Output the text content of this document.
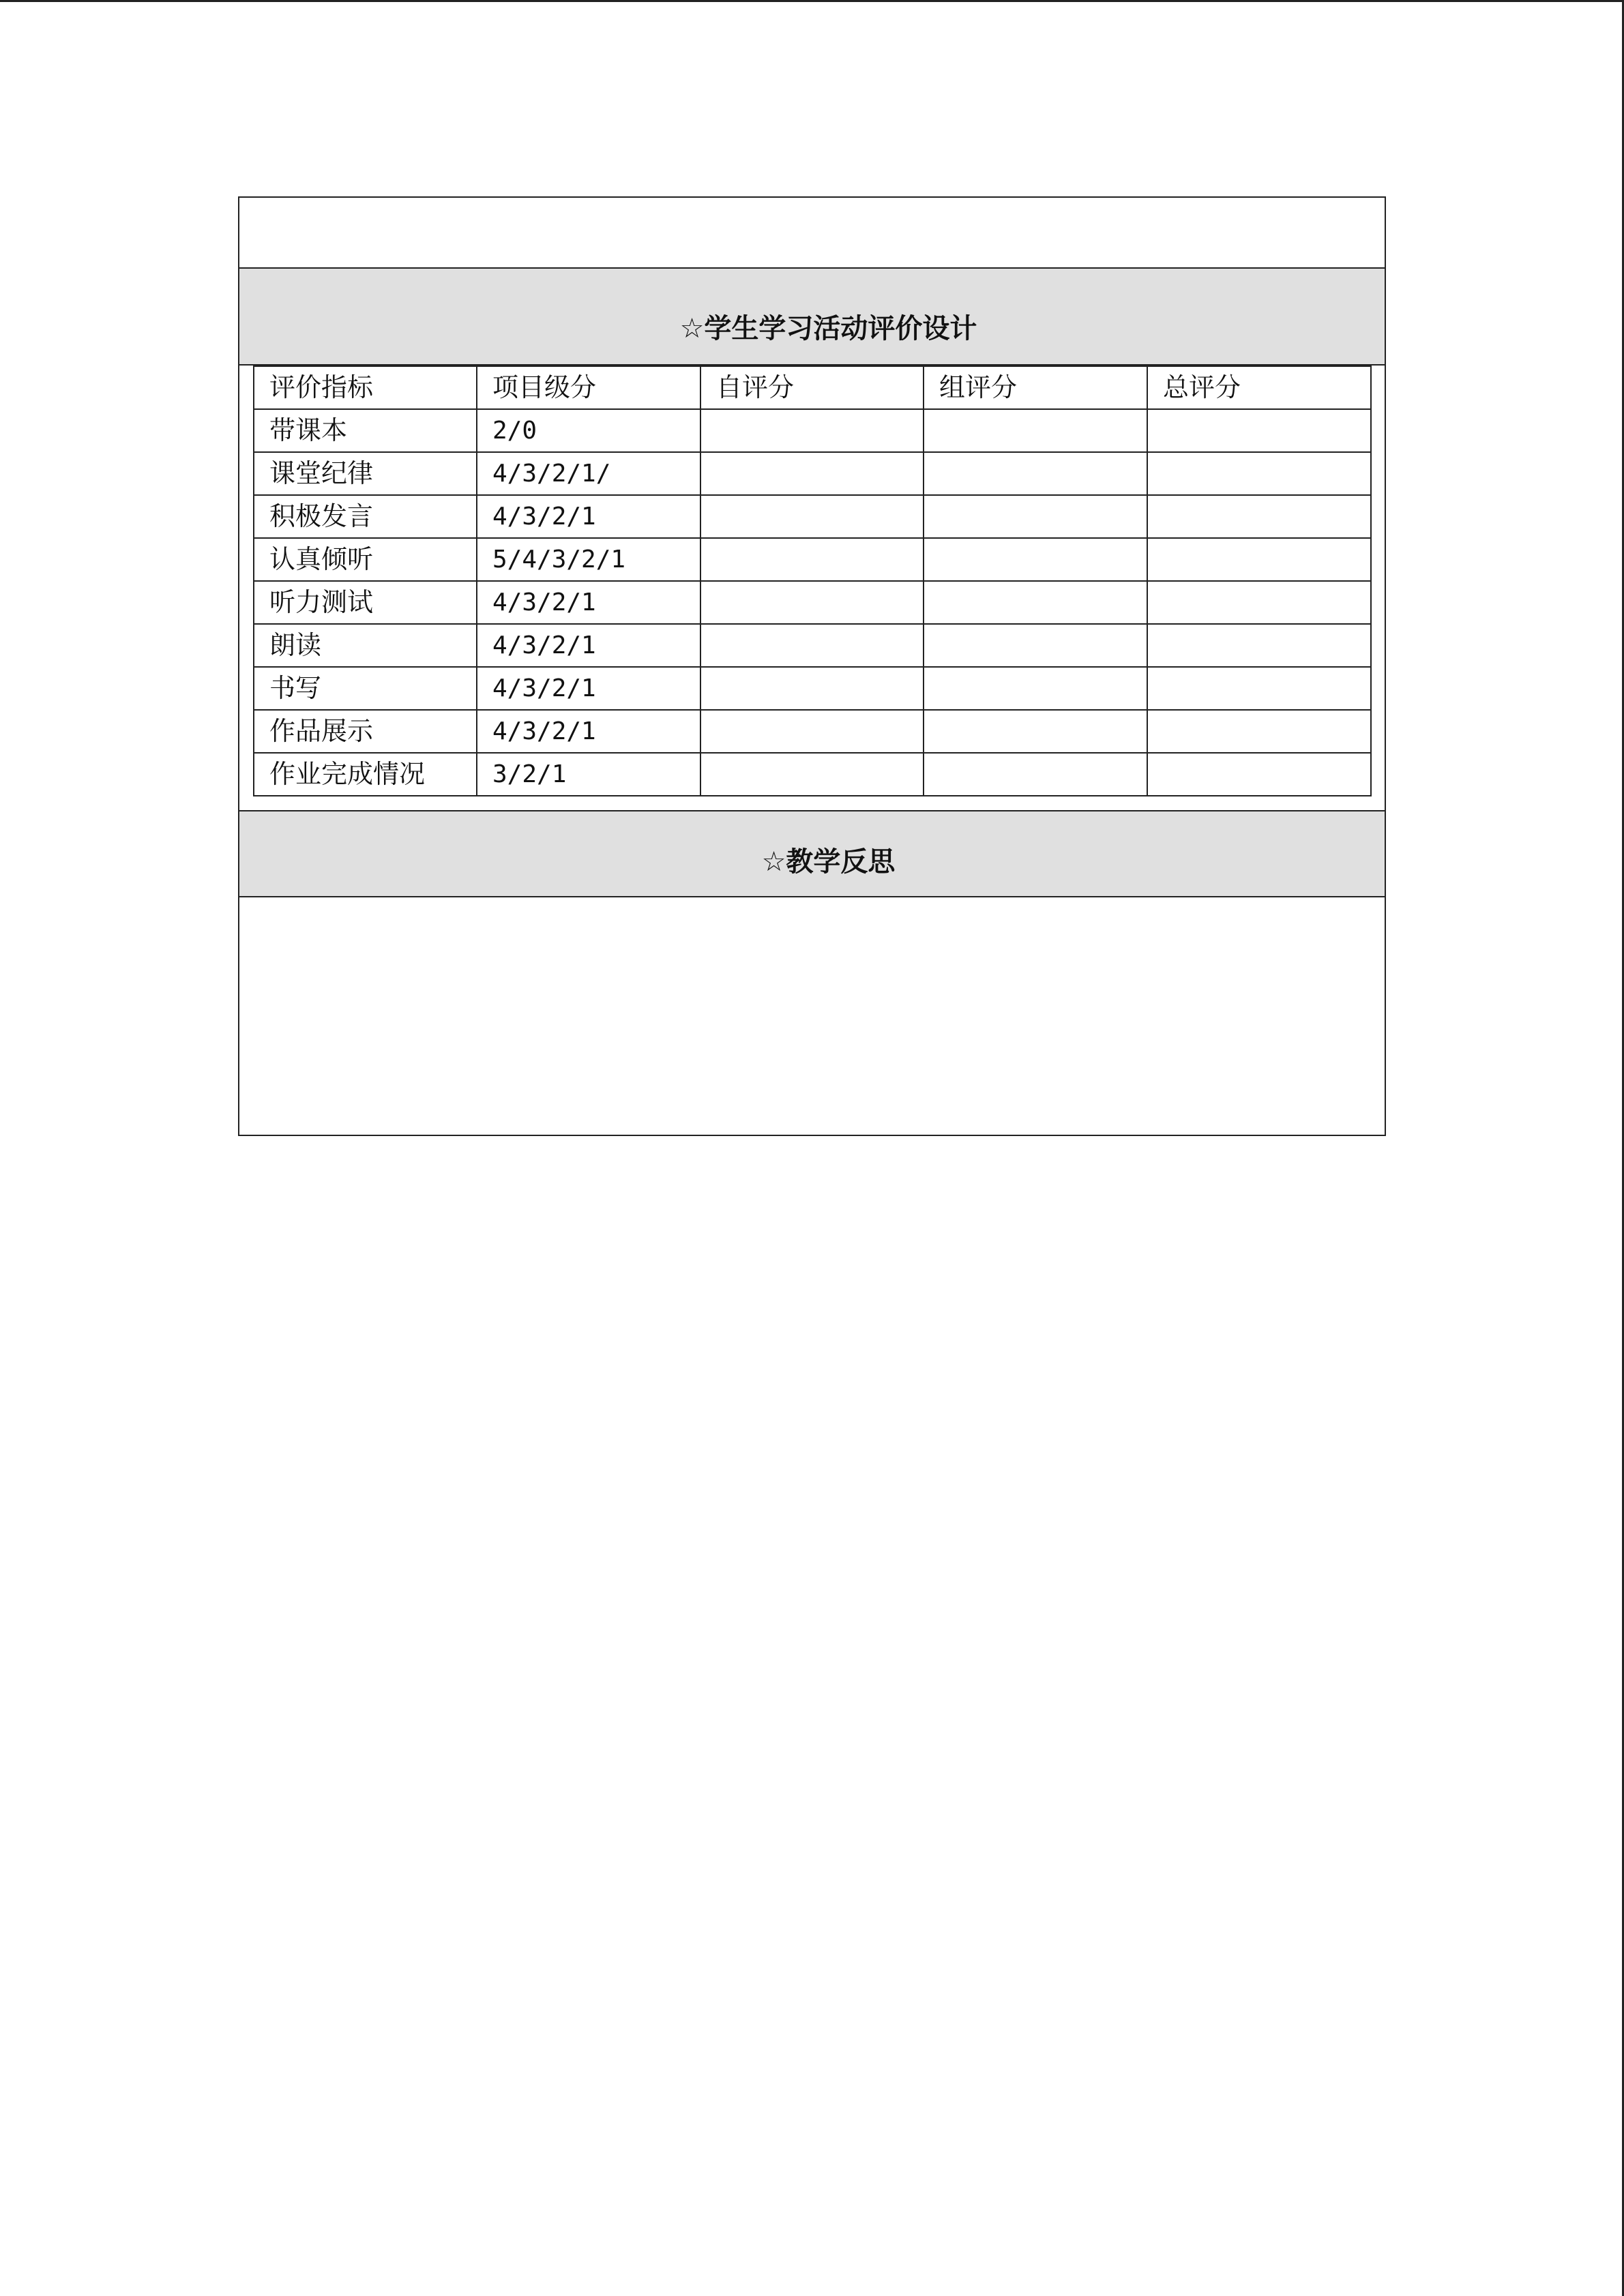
☆学生学习活动评价设计
评价指标	项目级分	自评分	组评分	总评分
带课本	2/0			
课堂纪律	4/3/2/1/			
积极发言	4/3/2/1			
认真倾听	5/4/3/2/1			
听力测试	4/3/2/1			
朗读	4/3/2/1			
书写	4/3/2/1			
作品展示	4/3/2/1			
作业完成情况	3/2/1			
☆教学反思
